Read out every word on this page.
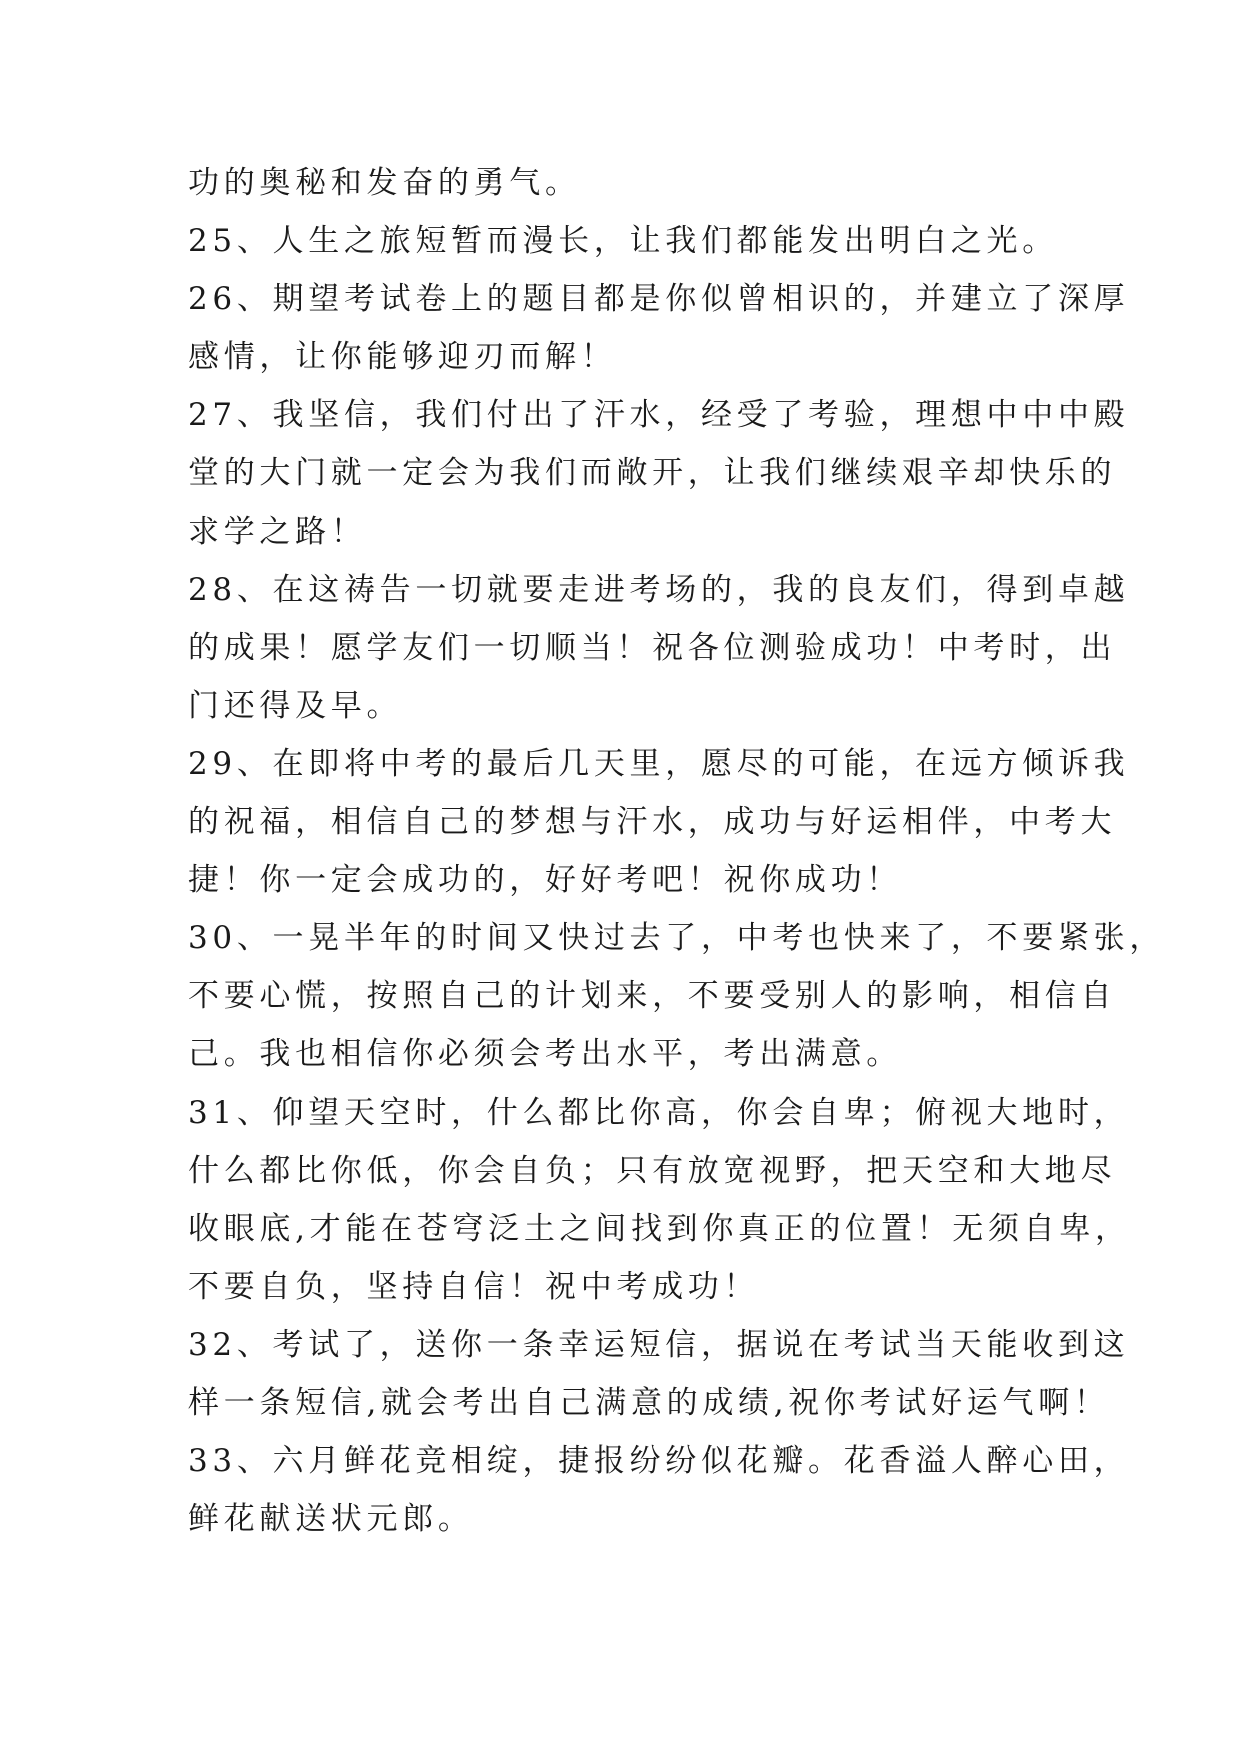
功的奥秘和发奋的勇气。
25、人生之旅短暂而漫长，让我们都能发出明白之光。
26、期望考试卷上的题目都是你似曾相识的，并建立了深厚
感情，让你能够迎刃而解！
27、我坚信，我们付出了汗水，经受了考验，理想中中中殿
堂的大门就一定会为我们而敞开，让我们继续艰辛却快乐的
求学之路！
28、在这祷告一切就要走进考场的，我的良友们，得到卓越
的成果！愿学友们一切顺当！祝各位测验成功！中考时，出
门还得及早。
29、在即将中考的最后几天里，愿尽的可能，在远方倾诉我
的祝福，相信自己的梦想与汗水，成功与好运相伴，中考大
捷！你一定会成功的，好好考吧！祝你成功！
30、一晃半年的时间又快过去了，中考也快来了，不要紧张，
不要心慌，按照自己的计划来，不要受别人的影响，相信自
己。我也相信你必须会考出水平，考出满意。
31、仰望天空时，什么都比你高，你会自卑；俯视大地时，
什么都比你低，你会自负；只有放宽视野，把天空和大地尽
收眼底,才能在苍穹泛土之间找到你真正的位置！无须自卑，
不要自负，坚持自信！祝中考成功！
32、考试了，送你一条幸运短信，据说在考试当天能收到这
样一条短信,就会考出自己满意的成绩,祝你考试好运气啊！
33、六月鲜花竞相绽，捷报纷纷似花瓣。花香溢人醉心田，
鲜花献送状元郎。
